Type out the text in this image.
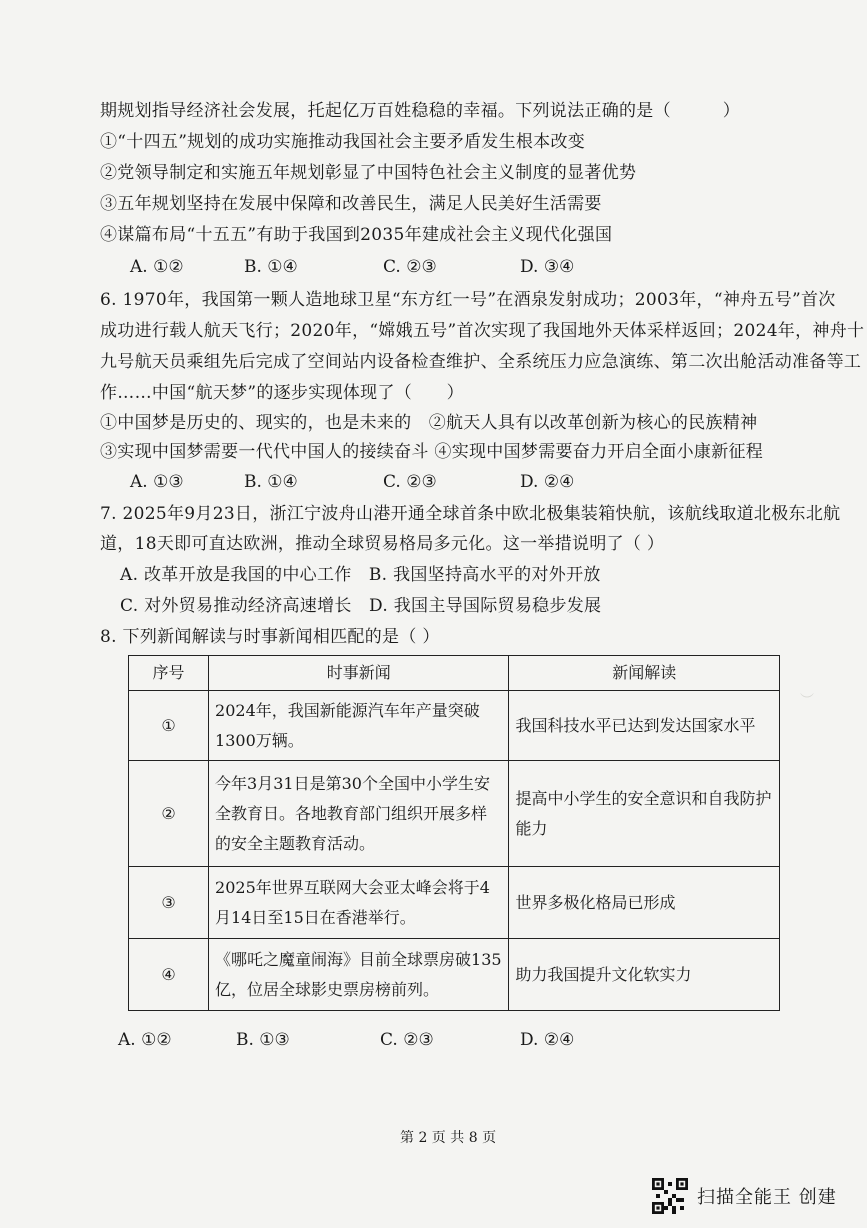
︶
期规划指导经济社会发展，托起亿万百姓稳稳的幸福。下列说法正确的是（　　　）
①“十四五”规划的成功实施推动我国社会主要矛盾发生根本改变
②党领导制定和实施五年规划彰显了中国特色社会主义制度的显著优势
③五年规划坚持在发展中保障和改善民生，满足人民美好生活需要
④谋篇布局“十五五”有助于我国到2035年建成社会主义现代化强国
A. ①②	B. ①④	C. ②③	D. ③④
6. 1970年，我国第一颗人造地球卫星“东方红一号”在酒泉发射成功；2003年，“神舟五号”首次
成功进行载人航天飞行；2020年，“嫦娥五号”首次实现了我国地外天体采样返回；2024年，神舟十
九号航天员乘组先后完成了空间站内设备检查维护、全系统压力应急演练、第二次出舱活动准备等工
作……中国“航天梦”的逐步实现体现了（　　）
①中国梦是历史的、现实的，也是未来的　②航天人具有以改革创新为核心的民族精神
③实现中国梦需要一代代中国人的接续奋斗 ④实现中国梦需要奋力开启全面小康新征程
A. ①③	B. ①④	C. ②③	D. ②④
7. 2025年9月23日，浙江宁波舟山港开通全球首条中欧北极集装箱快航，该航线取道北极东北航
道，18天即可直达欧洲，推动全球贸易格局多元化。这一举措说明了（ ）
A. 改革开放是我国的中心工作　B. 我国坚持高水平的对外开放
C. 对外贸易推动经济高速增长　D. 我国主导国际贸易稳步发展
8. 下列新闻解读与时事新闻相匹配的是（ ）
序号	时事新闻	新闻解读
①	2024年，我国新能源汽车年产量突破1300万辆。	我国科技水平已达到发达国家水平
②	今年3月31日是第30个全国中小学生安全教育日。各地教育部门组织开展多样的安全主题教育活动。	提高中小学生的安全意识和自我防护能力
③	2025年世界互联网大会亚太峰会将于4月14日至15日在香港举行。	世界多极化格局已形成
④	《哪吒之魔童闹海》目前全球票房破135亿，位居全球影史票房榜前列。	助力我国提升文化软实力
A. ①②	B. ①③	C. ②③	D. ②④
第 2 页 共 8 页
扫描全能王 创建
